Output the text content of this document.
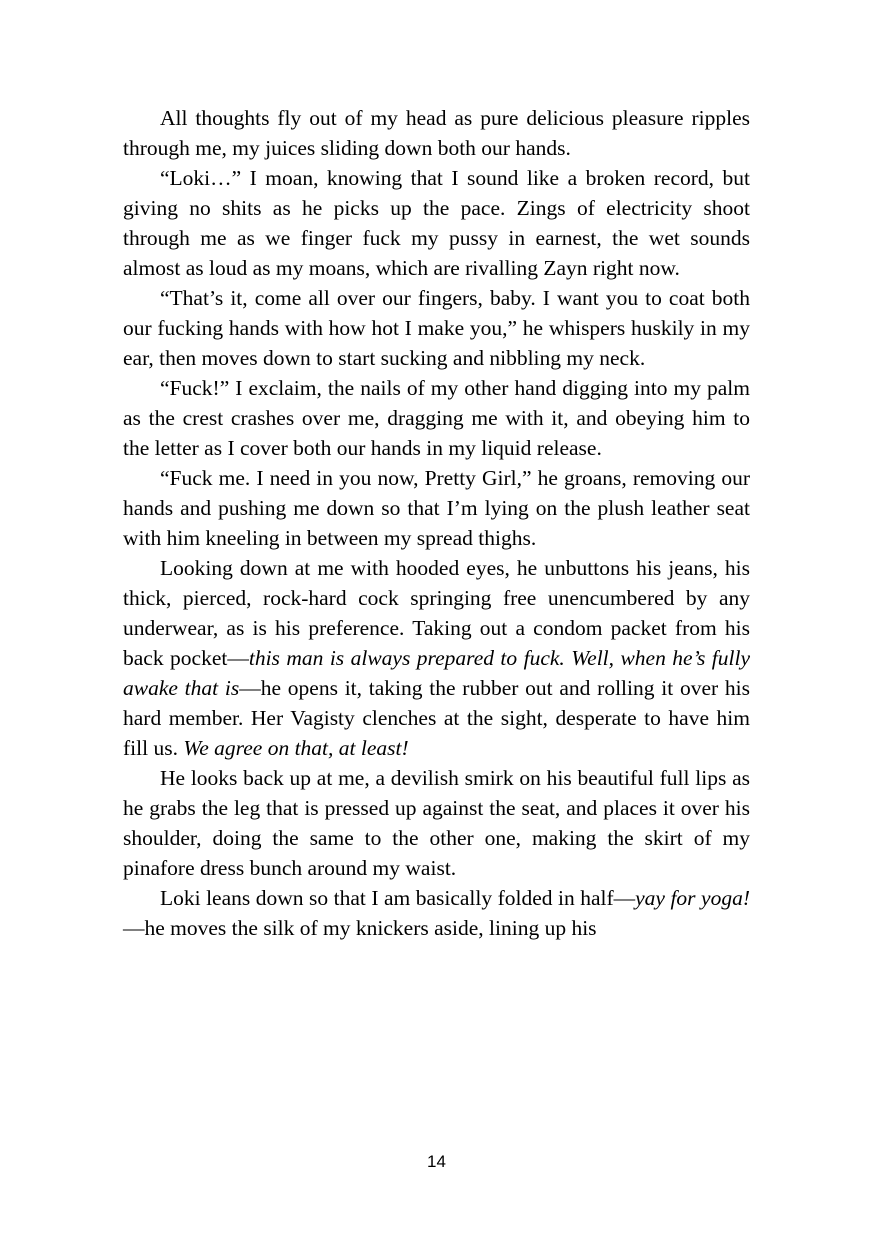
All thoughts fly out of my head as pure delicious pleasure ripples through me, my juices sliding down both our hands.

“Loki…” I moan, knowing that I sound like a broken record, but giving no shits as he picks up the pace. Zings of electricity shoot through me as we finger fuck my pussy in earnest, the wet sounds almost as loud as my moans, which are rivalling Zayn right now.

“That’s it, come all over our fingers, baby. I want you to coat both our fucking hands with how hot I make you,” he whispers huskily in my ear, then moves down to start sucking and nibbling my neck.

“Fuck!” I exclaim, the nails of my other hand digging into my palm as the crest crashes over me, dragging me with it, and obeying him to the letter as I cover both our hands in my liquid release.

“Fuck me. I need in you now, Pretty Girl,” he groans, removing our hands and pushing me down so that I’m lying on the plush leather seat with him kneeling in between my spread thighs.

Looking down at me with hooded eyes, he unbuttons his jeans, his thick, pierced, rock-hard cock springing free unencumbered by any underwear, as is his preference. Taking out a condom packet from his back pocket—this man is always prepared to fuck. Well, when he’s fully awake that is—he opens it, taking the rubber out and rolling it over his hard member. Her Vagisty clenches at the sight, desperate to have him fill us. We agree on that, at least!

He looks back up at me, a devilish smirk on his beautiful full lips as he grabs the leg that is pressed up against the seat, and places it over his shoulder, doing the same to the other one, making the skirt of my pinafore dress bunch around my waist.

Loki leans down so that I am basically folded in half—yay for yoga!—he moves the silk of my knickers aside, lining up his

14
